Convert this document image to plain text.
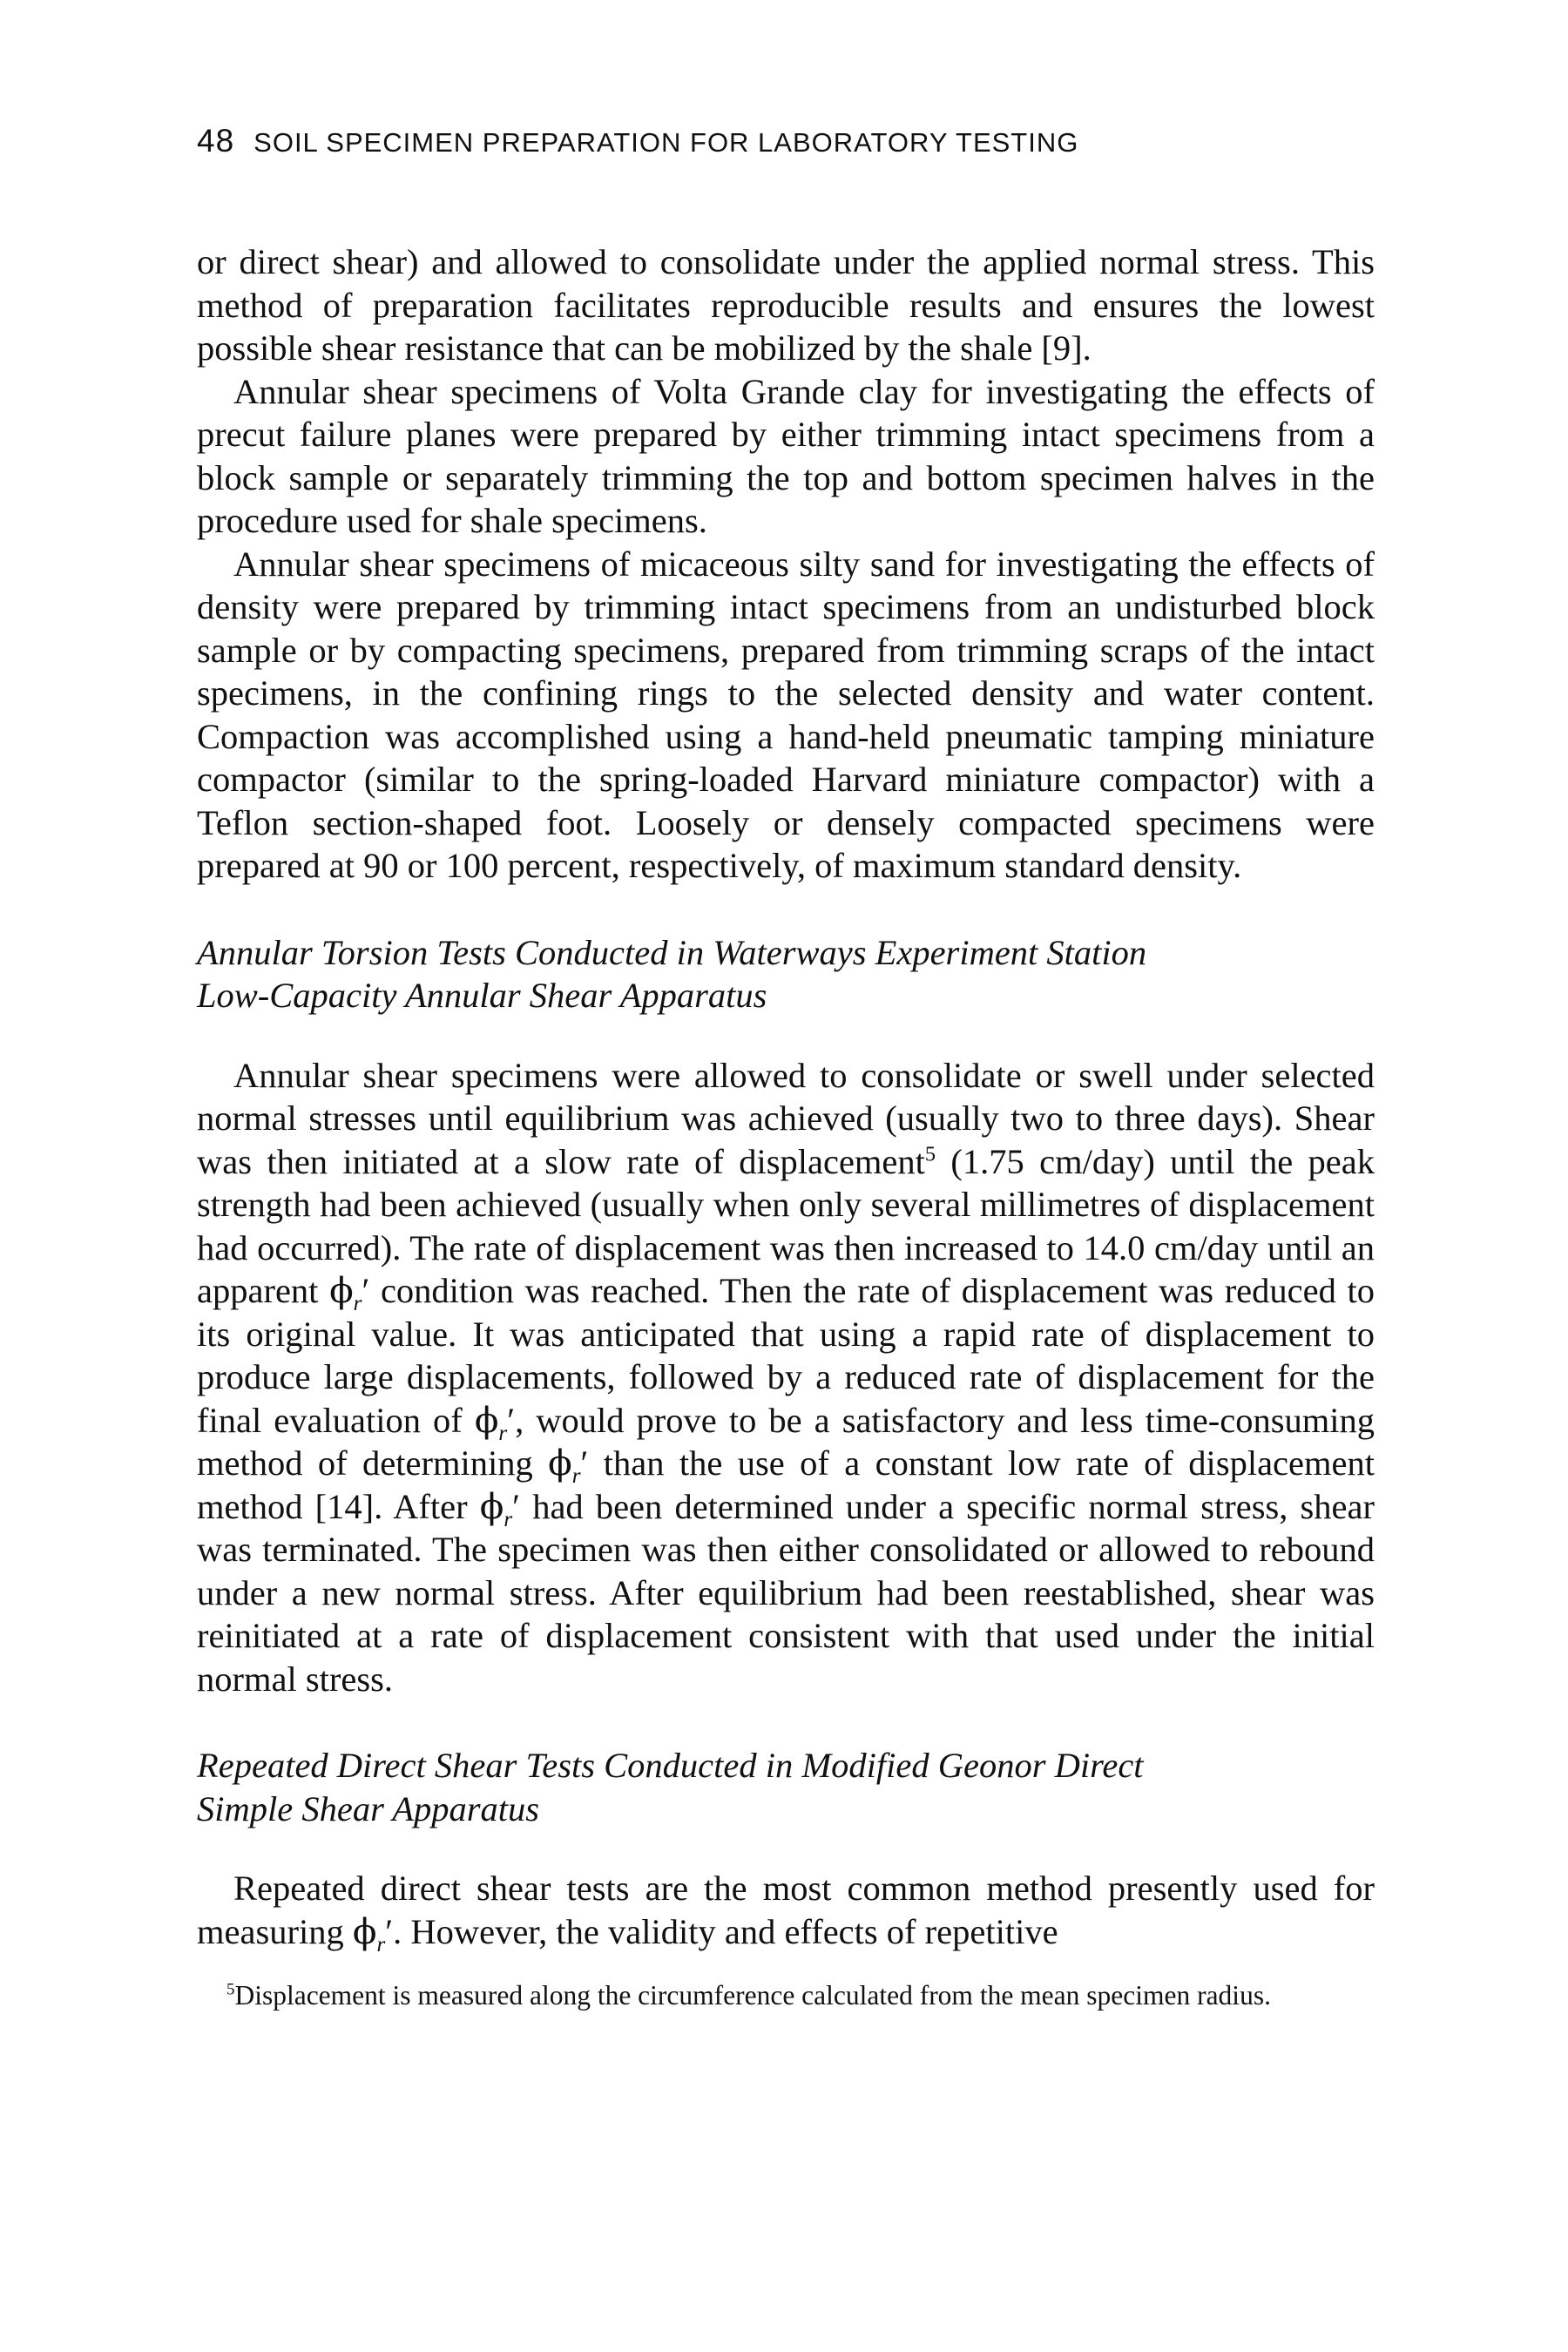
48 SOIL SPECIMEN PREPARATION FOR LABORATORY TESTING

or direct shear) and allowed to consolidate under the applied normal stress. This method of preparation facilitates reproducible results and ensures the lowest possible shear resistance that can be mobilized by the shale [9].

Annular shear specimens of Volta Grande clay for investigating the effects of precut failure planes were prepared by either trimming intact specimens from a block sample or separately trimming the top and bottom specimen halves in the procedure used for shale specimens.

Annular shear specimens of micaceous silty sand for investigating the effects of density were prepared by trimming intact specimens from an undisturbed block sample or by compacting specimens, prepared from trimming scraps of the intact specimens, in the confining rings to the selected density and water content. Compaction was accomplished using a hand-held pneumatic tamping miniature compactor (similar to the spring-loaded Harvard miniature compactor) with a Teflon section-shaped foot. Loosely or densely compacted specimens were prepared at 90 or 100 percent, respectively, of maximum standard density.

Annular Torsion Tests Conducted in Waterways Experiment Station
Low-Capacity Annular Shear Apparatus

Annular shear specimens were allowed to consolidate or swell under selected normal stresses until equilibrium was achieved (usually two to three days). Shear was then initiated at a slow rate of displacement$^5$ (1.75 cm/day) until the peak strength had been achieved (usually when only several millimetres of displacement had occurred). The rate of displacement was then increased to 14.0 cm/day until an apparent $\phi_r'$ condition was reached. Then the rate of displacement was reduced to its original value. It was anticipated that using a rapid rate of displacement to produce large displacements, followed by a reduced rate of displacement for the final evaluation of $\phi_r'$, would prove to be a satisfactory and less time-consuming method of determining $\phi_r'$ than the use of a constant low rate of displacement method [14]. After $\phi_r'$ had been determined under a specific normal stress, shear was terminated. The specimen was then either consolidated or allowed to rebound under a new normal stress. After equilibrium had been reestablished, shear was reinitiated at a rate of displacement consistent with that used under the initial normal stress.

Repeated Direct Shear Tests Conducted in Modified Geonor Direct
Simple Shear Apparatus

Repeated direct shear tests are the most common method presently used for measuring $\phi_r'$. However, the validity and effects of repetitive

$^5$Displacement is measured along the circumference calculated from the mean specimen radius.
